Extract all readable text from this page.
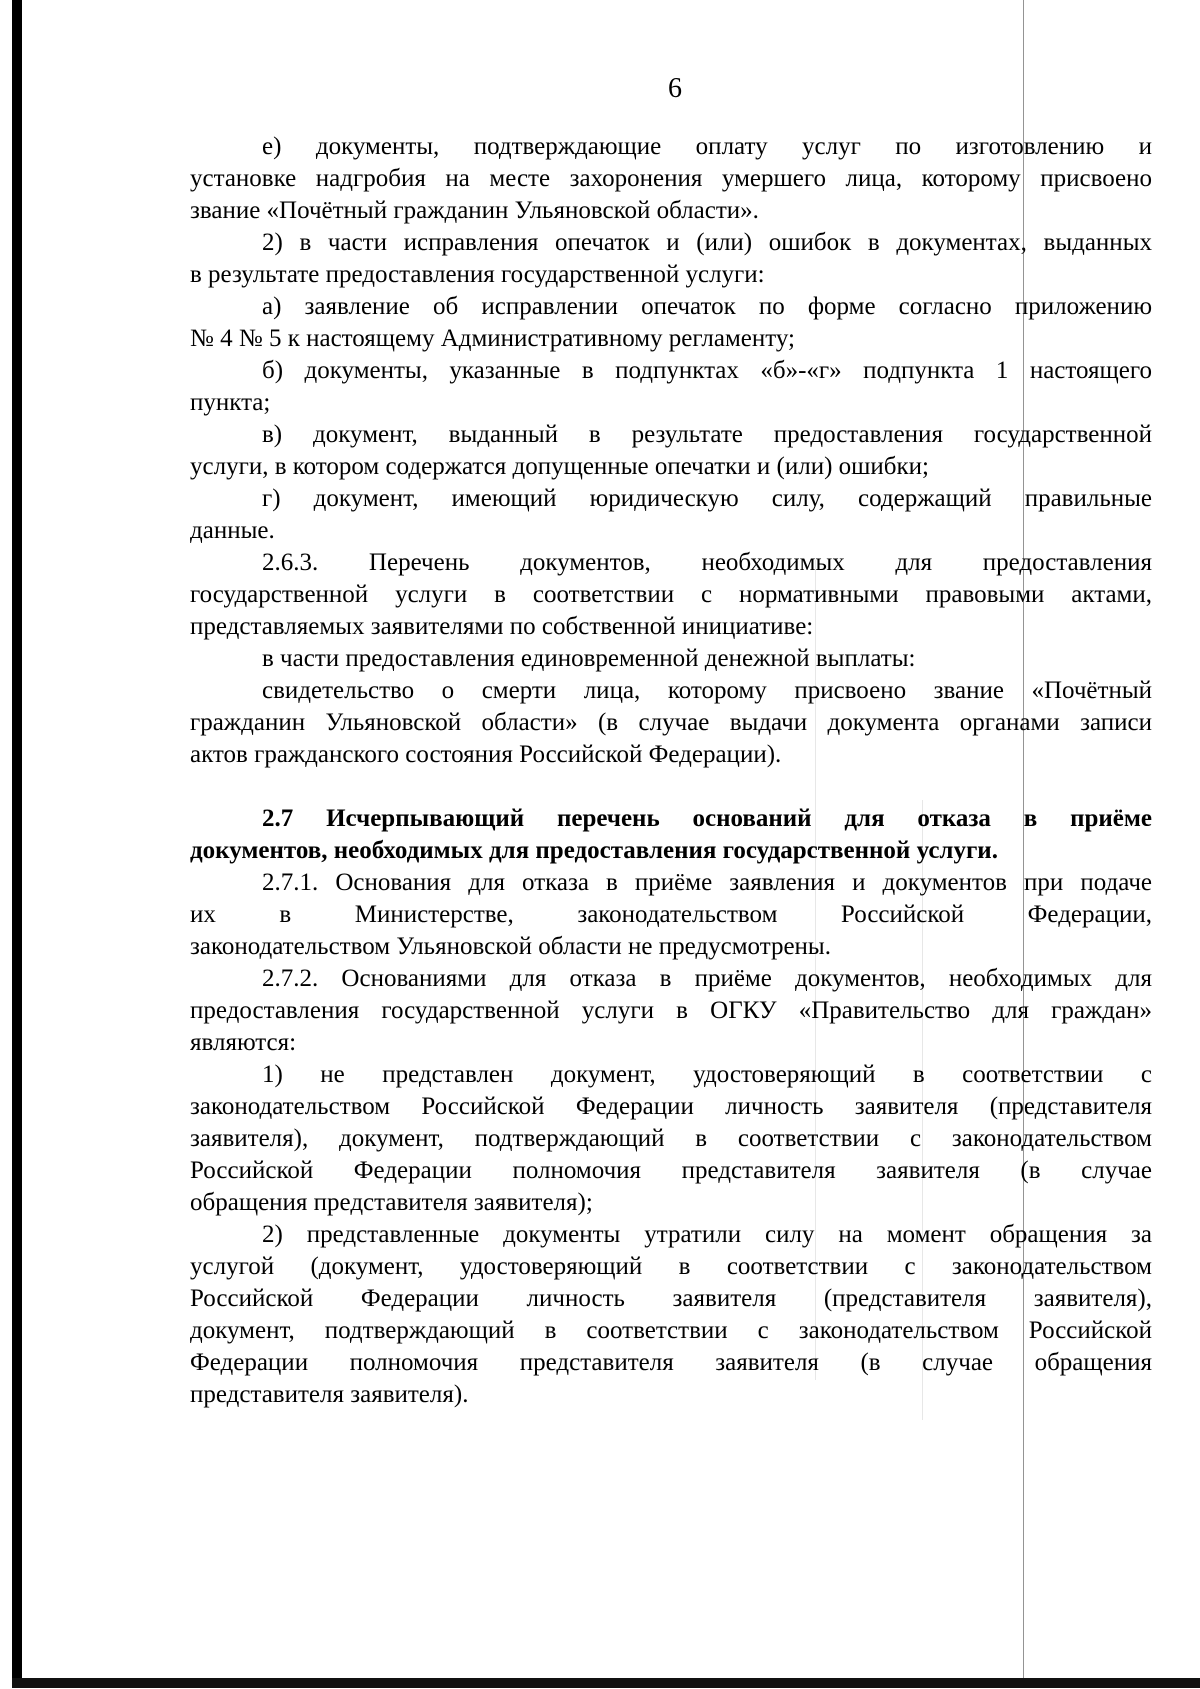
6
е) документы, подтверждающие оплату услуг по изготовлению и
установке надгробия на месте захоронения умершего лица, которому присвоено
звание «Почётный гражданин Ульяновской области».
2) в части исправления опечаток и (или) ошибок в документах, выданных
в результате предоставления государственной услуги:
а) заявление об исправлении опечаток по форме согласно приложению
№ 4 № 5 к настоящему Административному регламенту;
б) документы, указанные в подпунктах «б»-«г» подпункта 1 настоящего
пункта;
в) документ, выданный в результате предоставления государственной
услуги, в котором содержатся допущенные опечатки и (или) ошибки;
г) документ, имеющий юридическую силу, содержащий правильные
данные.
2.6.3. Перечень документов, необходимых для предоставления
государственной услуги в соответствии с нормативными правовыми актами,
представляемых заявителями по собственной инициативе:
в части предоставления единовременной денежной выплаты:
свидетельство о смерти лица, которому присвоено звание «Почётный
гражданин Ульяновской области» (в случае выдачи документа органами записи
актов гражданского состояния Российской Федерации).
2.7 Исчерпывающий перечень оснований для отказа в приёме
документов, необходимых для предоставления государственной услуги.
2.7.1. Основания для отказа в приёме заявления и документов при подаче
их в Министерстве, законодательством Российской Федерации,
законодательством Ульяновской области не предусмотрены.
2.7.2. Основаниями для отказа в приёме документов, необходимых для
предоставления государственной услуги в ОГКУ «Правительство для граждан»
являются:
1) не представлен документ, удостоверяющий в соответствии с
законодательством Российской Федерации личность заявителя (представителя
заявителя), документ, подтверждающий в соответствии с законодательством
Российской Федерации полномочия представителя заявителя (в случае
обращения представителя заявителя);
2) представленные документы утратили силу на момент обращения за
услугой (документ, удостоверяющий в соответствии с законодательством
Российской Федерации личность заявителя (представителя заявителя),
документ, подтверждающий в соответствии с законодательством Российской
Федерации полномочия представителя заявителя (в случае обращения
представителя заявителя).
